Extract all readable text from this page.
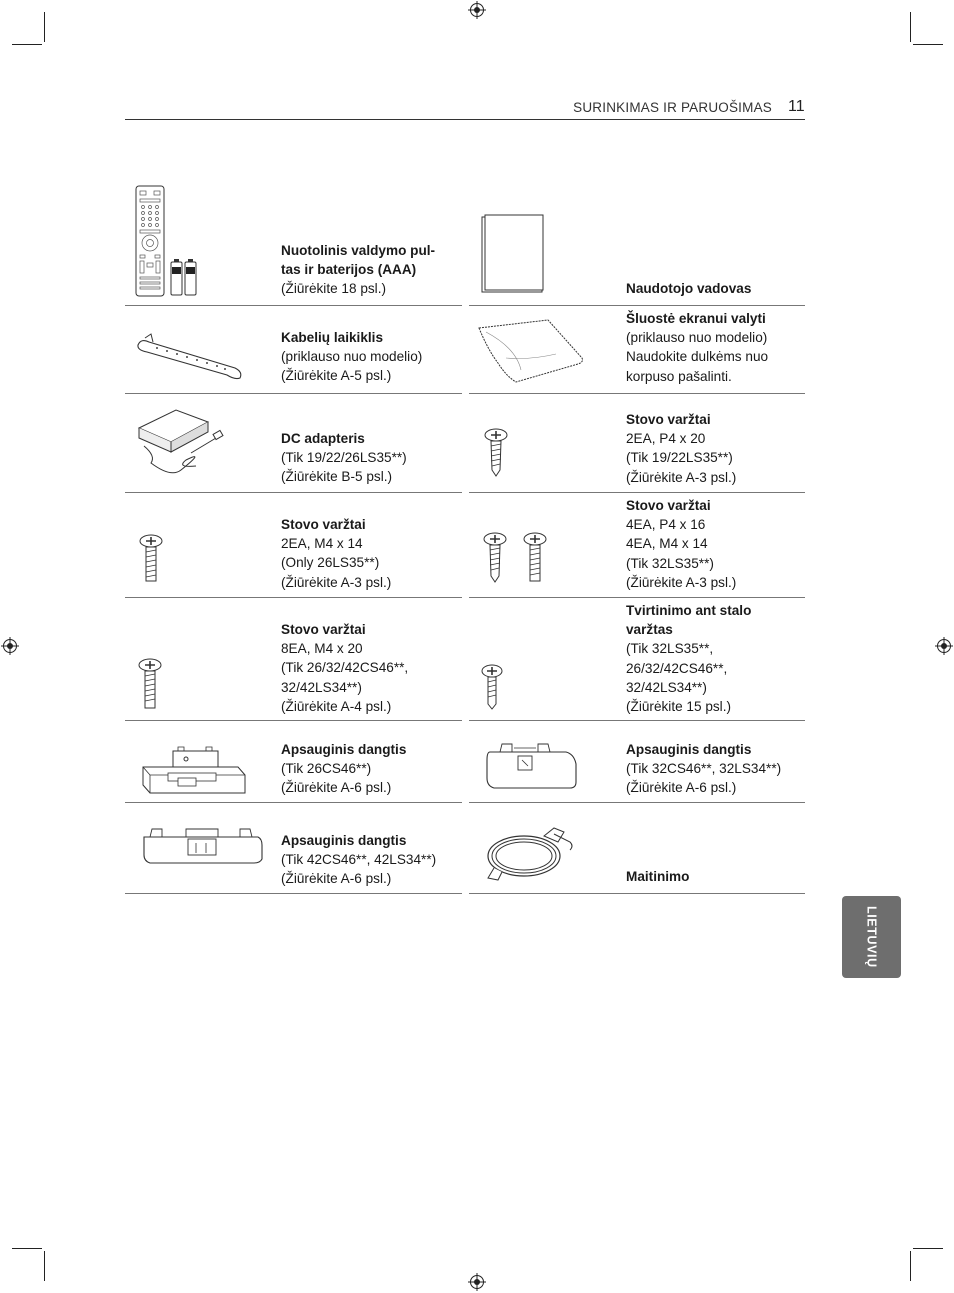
SURINKIMAS IR PARUOŠIMAS 11
Nuotolinis valdymo pul-
tas ir baterijos (AAA)
(Žiūrėkite 18 psl.)	Naudotojo vadovas
Kabelių laikiklis
(priklauso nuo modelio)
(Žiūrėkite A-5 psl.)
Šluostė ekranui valyti
(priklauso nuo modelio)
Naudokite dulkėms nuo
korpuso pašalinti.
DC adapteris
(Tik 19/22/26LS35**)
(Žiūrėkite B-5 psl.)
Stovo varžtai
2EA, P4 x 20
(Tik 19/22LS35**)
(Žiūrėkite A-3 psl.)
Stovo varžtai
2EA, M4 x 14
(Only 26LS35**)
(Žiūrėkite A-3 psl.)
Stovo varžtai
4EA, P4 x 16
4EA, M4 x 14
(Tik 32LS35**)
(Žiūrėkite A-3 psl.)
Stovo varžtai
8EA, M4 x 20
(Tik 26/32/42CS46**,
32/42LS34**)
(Žiūrėkite A-4 psl.)
Tvirtinimo ant stalo
varžtas
(Tik 32LS35**,
26/32/42CS46**,
32/42LS34**)
(Žiūrėkite 15 psl.)
Apsauginis dangtis
(Tik 26CS46**)
(Žiūrėkite A-6 psl.)
Apsauginis dangtis
(Tik 32CS46**, 32LS34**)
(Žiūrėkite A-6 psl.)
Apsauginis dangtis
(Tik 42CS46**, 42LS34**)
(Žiūrėkite A-6 psl.)	Maitinimo
LIETUVIŲ
